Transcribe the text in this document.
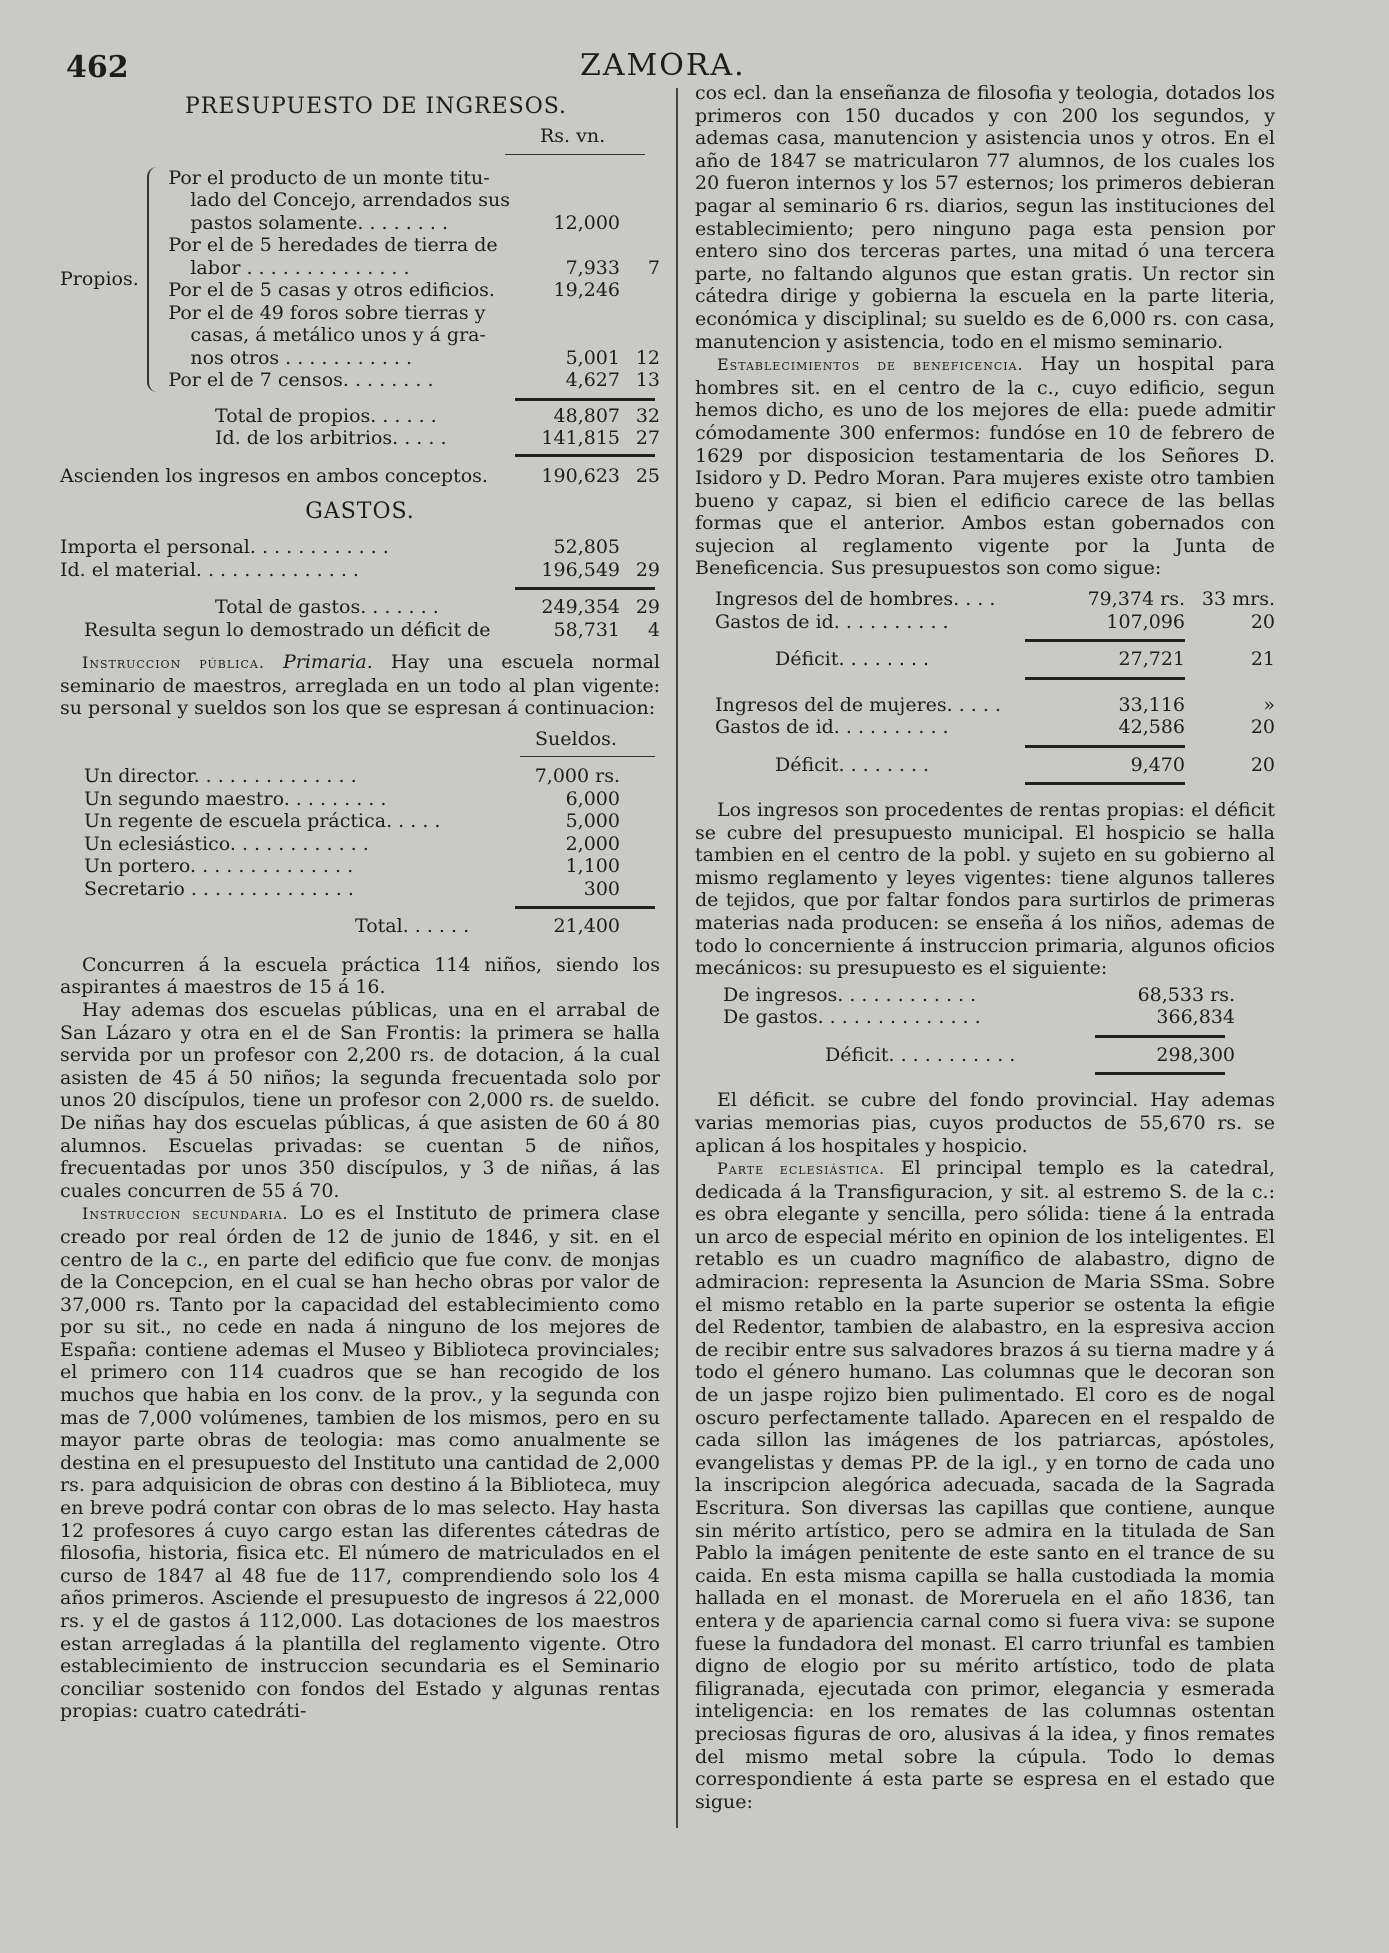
462	ZAMORA.
PRESUPUESTO DE INGRESOS.
Rs. vn.
Propios.
Por el producto de un monte titu-
lado del Concejo, arrendados sus
pastos solamente. . . . . . . .	12,000
Por el de 5 heredades de tierra de
labor . . . . . . . . . . . . . .	7,933	7
Por el de 5 casas y otros edificios.	19,246
Por el de 49 foros sobre tierras y
casas, á metálico unos y á gra-
nos otros . . . . . . . . . . .	5,001 12
Por el de 7 censos. . . . . . . .	4,627 13
Total de propios. . . . . .	48,807 32
Id. de los arbitrios. . . . .	141,815 27
Ascienden los ingresos en ambos conceptos.	190,623 25
GASTOS.
Importa el personal. . . . . . . . . . . .	52,805
Id. el material. . . . . . . . . . . . . .	196,549 29
Total de gastos. . . . . . .	249,354 29
Resulta segun lo demostrado un déficit de	58,731	4

Instruccion pública. Primaria. Hay una escuela normal seminario de maestros, arreglada en un todo al plan vigente: su personal y sueldos son los que se espresan á continuacion:

Sueldos.
Un director. . . . . . . . . . . . . .	7,000 rs.
Un segundo maestro. . . . . . . . .	6,000
Un regente de escuela práctica. . . . .	5,000
Un eclesiástico. . . . . . . . . . . .	2,000
Un portero. . . . . . . . . . . . . .	1,100
Secretario . . . . . . . . . . . . . .	300
Total. . . . . .	21,400

Concurren á la escuela práctica 114 niños, siendo los aspirantes á maestros de 15 á 16.

Hay ademas dos escuelas públicas, una en el arrabal de San Lázaro y otra en el de San Frontis: la primera se halla servida por un profesor con 2,200 rs. de dotacion, á la cual asisten de 45 á 50 niños; la segunda frecuentada solo por unos 20 discípulos, tiene un profesor con 2,000 rs. de sueldo. De niñas hay dos escuelas públicas, á que asisten de 60 á 80 alumnos. Escuelas privadas: se cuentan 5 de niños, frecuentadas por unos 350 discípulos, y 3 de niñas, á las cuales concurren de 55 á 70.

Instruccion secundaria. Lo es el Instituto de primera clase creado por real órden de 12 de junio de 1846, y sit. en el centro de la c., en parte del edificio que fue conv. de monjas de la Concepcion, en el cual se han hecho obras por valor de 37,000 rs. Tanto por la capacidad del establecimiento como por su sit., no cede en nada á ninguno de los mejores de España: contiene ademas el Museo y Biblioteca provinciales; el primero con 114 cuadros que se han recogido de los muchos que habia en los conv. de la prov., y la segunda con mas de 7,000 volúmenes, tambien de los mismos, pero en su mayor parte obras de teologia: mas como anualmente se destina en el presupuesto del Instituto una cantidad de 2,000 rs. para adquisicion de obras con destino á la Biblioteca, muy en breve podrá contar con obras de lo mas selecto. Hay hasta 12 profesores á cuyo cargo estan las diferentes cátedras de filosofia, historia, fisica etc. El número de matriculados en el curso de 1847 al 48 fue de 117, comprendiendo solo los 4 años primeros. Asciende el presupuesto de ingresos á 22,000 rs. y el de gastos á 112,000. Las dotaciones de los maestros estan arregladas á la plantilla del reglamento vigente. Otro establecimiento de instruccion secundaria es el Seminario conciliar sostenido con fondos del Estado y algunas rentas propias: cuatro catedráti-

cos ecl. dan la enseñanza de filosofia y teologia, dotados los primeros con 150 ducados y con 200 los segundos, y ademas casa, manutencion y asistencia unos y otros. En el año de 1847 se matricularon 77 alumnos, de los cuales los 20 fueron internos y los 57 esternos; los primeros debieran pagar al seminario 6 rs. diarios, segun las instituciones del establecimiento; pero ninguno paga esta pension por entero sino dos terceras partes, una mitad ó una tercera parte, no faltando algunos que estan gratis. Un rector sin cátedra dirige y gobierna la escuela en la parte literia, económica y disciplinal; su sueldo es de 6,000 rs. con casa, manutencion y asistencia, todo en el mismo seminario.

Establecimientos de beneficencia. Hay un hospital para hombres sit. en el centro de la c., cuyo edificio, segun hemos dicho, es uno de los mejores de ella: puede admitir cómodamente 300 enfermos: fundóse en 10 de febrero de 1629 por disposicion testamentaria de los Señores D. Isidoro y D. Pedro Moran. Para mujeres existe otro tambien bueno y capaz, si bien el edificio carece de las bellas formas que el anterior. Ambos estan gobernados con sujecion al reglamento vigente por la Junta de Beneficencia. Sus presupuestos son como sigue:

Ingresos del de hombres. . . .	79,374 rs. 33 mrs.
Gastos de id. . . . . . . . . .	107,096	20
Déficit. . . . . . . .	27,721	21
Ingresos del de mujeres. . . . .	33,116	»
Gastos de id. . . . . . . . . .	42,586	20
Déficit. . . . . . . .	9,470	20

Los ingresos son procedentes de rentas propias: el déficit se cubre del presupuesto municipal. El hospicio se halla tambien en el centro de la pobl. y sujeto en su gobierno al mismo reglamento y leyes vigentes: tiene algunos talleres de tejidos, que por faltar fondos para surtirlos de primeras materias nada producen: se enseña á los niños, ademas de todo lo concerniente á instruccion primaria, algunos oficios mecánicos: su presupuesto es el siguiente:

De ingresos. . . . . . . . . . . .	68,533 rs.
De gastos. . . . . . . . . . . . . .	366,834
Déficit. . . . . . . . . . .	298,300

El déficit. se cubre del fondo provincial. Hay ademas varias memorias pias, cuyos productos de 55,670 rs. se aplican á los hospitales y hospicio.

Parte eclesiástica. El principal templo es la catedral, dedicada á la Transfiguracion, y sit. al estremo S. de la c.: es obra elegante y sencilla, pero sólida: tiene á la entrada un arco de especial mérito en opinion de los inteligentes. El retablo es un cuadro magnífico de alabastro, digno de admiracion: representa la Asuncion de Maria SSma. Sobre el mismo retablo en la parte superior se ostenta la efigie del Redentor, tambien de alabastro, en la espresiva accion de recibir entre sus salvadores brazos á su tierna madre y á todo el género humano. Las columnas que le decoran son de un jaspe rojizo bien pulimentado. El coro es de nogal oscuro perfectamente tallado. Aparecen en el respaldo de cada sillon las imágenes de los patriarcas, apóstoles, evangelistas y demas PP. de la igl., y en torno de cada uno la inscripcion alegórica adecuada, sacada de la Sagrada Escritura. Son diversas las capillas que contiene, aunque sin mérito artístico, pero se admira en la titulada de San Pablo la imágen penitente de este santo en el trance de su caida. En esta misma capilla se halla custodiada la momia hallada en el monast. de Moreruela en el año 1836, tan entera y de apariencia carnal como si fuera viva: se supone fuese la fundadora del monast. El carro triunfal es tambien digno de elogio por su mérito artístico, todo de plata filigranada, ejecutada con primor, elegancia y esmerada inteligencia: en los remates de las columnas ostentan preciosas figuras de oro, alusivas á la idea, y finos remates del mismo metal sobre la cúpula. Todo lo demas correspondiente á esta parte se espresa en el estado que sigue:
